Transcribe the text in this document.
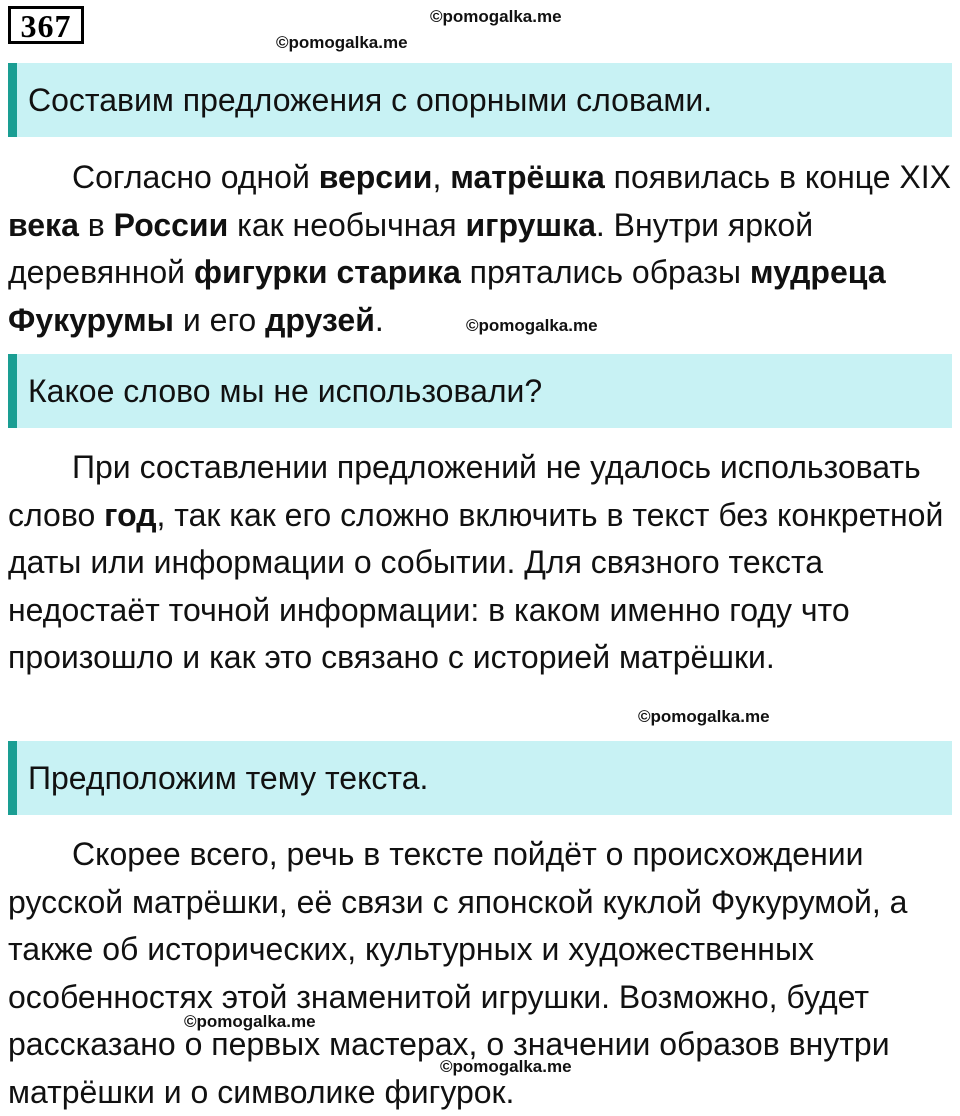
367	©pomogalka.me
©pomogalka.me
Составим предложения с опорными словами.

Согласно одной версии, матрёшка появилась в конце XIX века в России как необычная игрушка. Внутри яркой деревянной фигурки старика прятались образы мудреца Фукурумы и его друзей.	©pomogalka.me
Какое слово мы не использовали?

При составлении предложений не удалось использовать слово год, так как его сложно включить в текст без конкретной даты или информации о событии. Для связного текста недостаёт точной информации: в каком именно году что произошло и как это связано с историей матрёшки.

©pomogalka.me
Предположим тему текста.

Скорее всего, речь в тексте пойдёт о происхождении русской матрёшки, её связи с японской куклой Фукурумой, а также об исторических, культурных и художественных особенностях этой знаменитой игрушки. Возможно, будет рассказано о первых мастерах, о значении образов внутри матрёшки и о символике фигурок.

©pomogalka.me
©pomogalka.me
